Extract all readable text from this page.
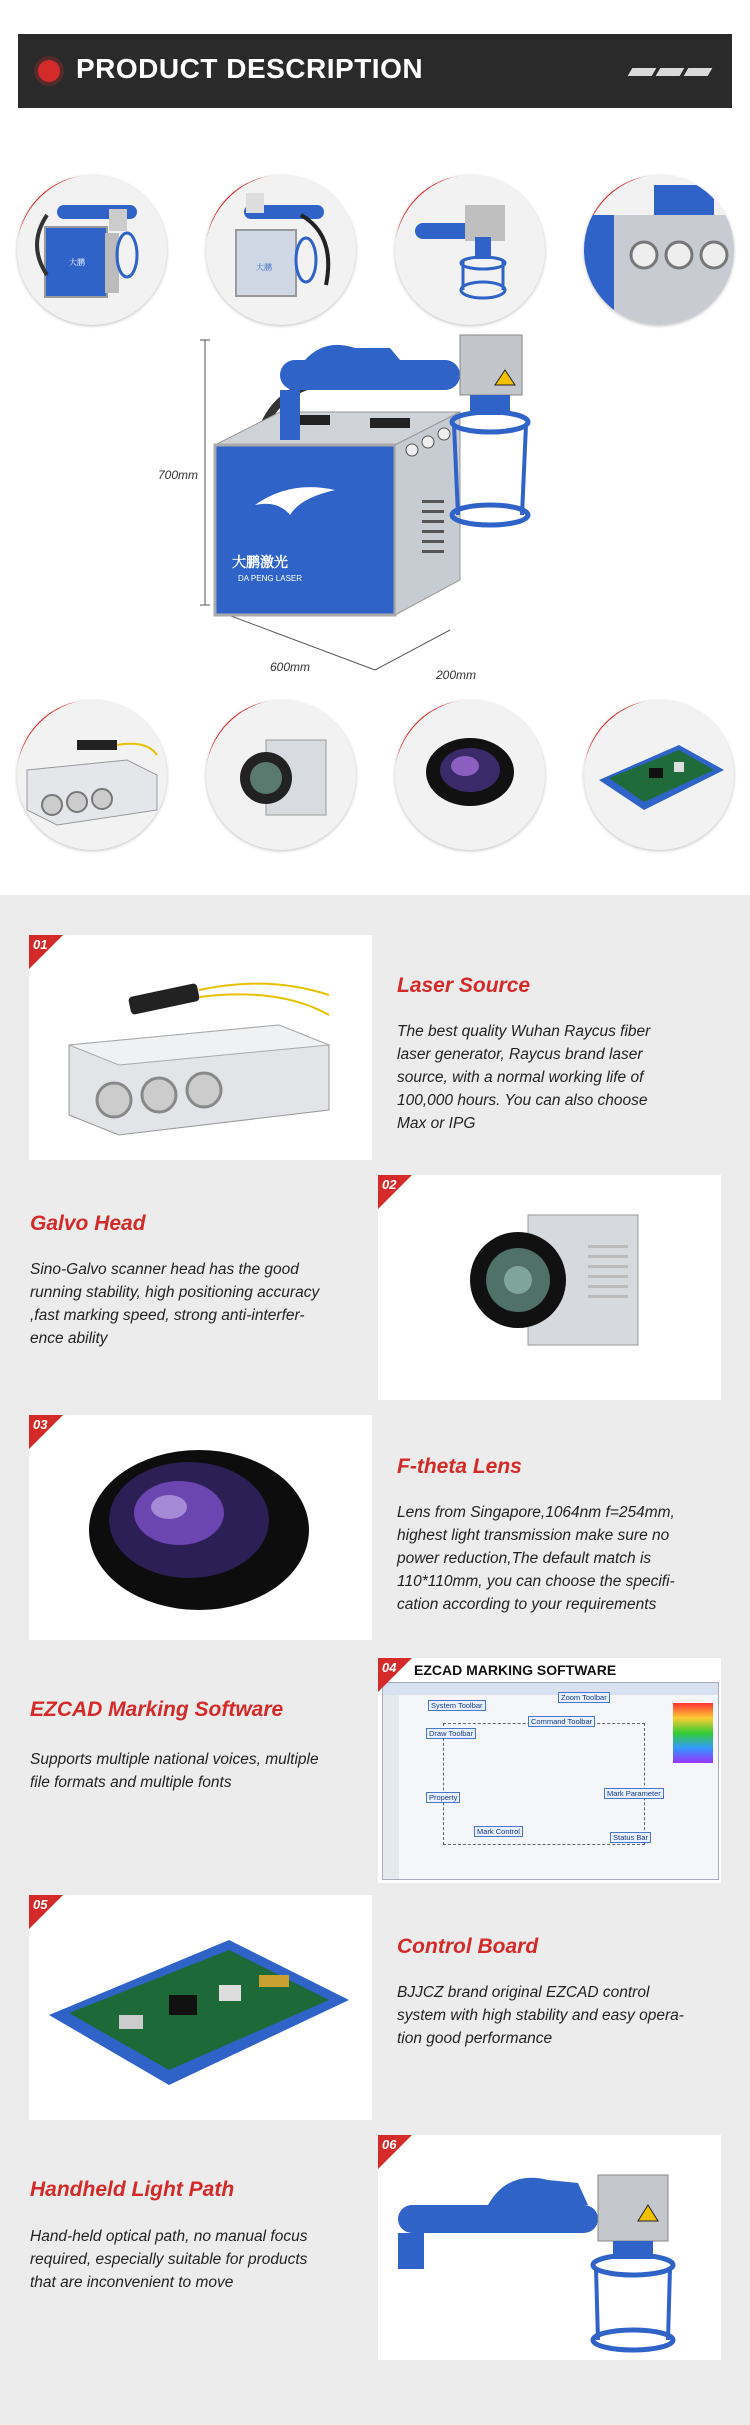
PRODUCT DESCRIPTION
大鹏
大鹏
700mm
600mm
200mm
大鹏激光
DA PENG LASER
01
Laser Source
The best quality Wuhan Raycus fiber
laser generator, Raycus brand laser
source, with a normal working life of
100,000 hours. You can also choose
Max or IPG
Galvo Head
Sino-Galvo scanner head has the good
running stability, high positioning accuracy
,fast marking speed, strong anti-interfer-
ence ability
02
03
F-theta Lens
Lens from Singapore,1064nm f=254mm,
highest light transmission make sure no
power reduction,The default match is
110*110mm, you can choose the specifi-
cation according to your requirements
EZCAD Marking Software
Supports multiple national voices, multiple
file formats and multiple fonts
EZCAD MARKING SOFTWARE
System Toolbar
Zoom Toolbar
Draw Toolbar
Command Toolbar
Property	Mark Parameter
Mark Control
Status Bar
04
05
Control Board
BJJCZ brand original EZCAD control
system with high stability and easy opera-
tion good performance
Handheld Light Path
Hand-held optical path, no manual focus
required, especially suitable for products
that are inconvenient to move
06
